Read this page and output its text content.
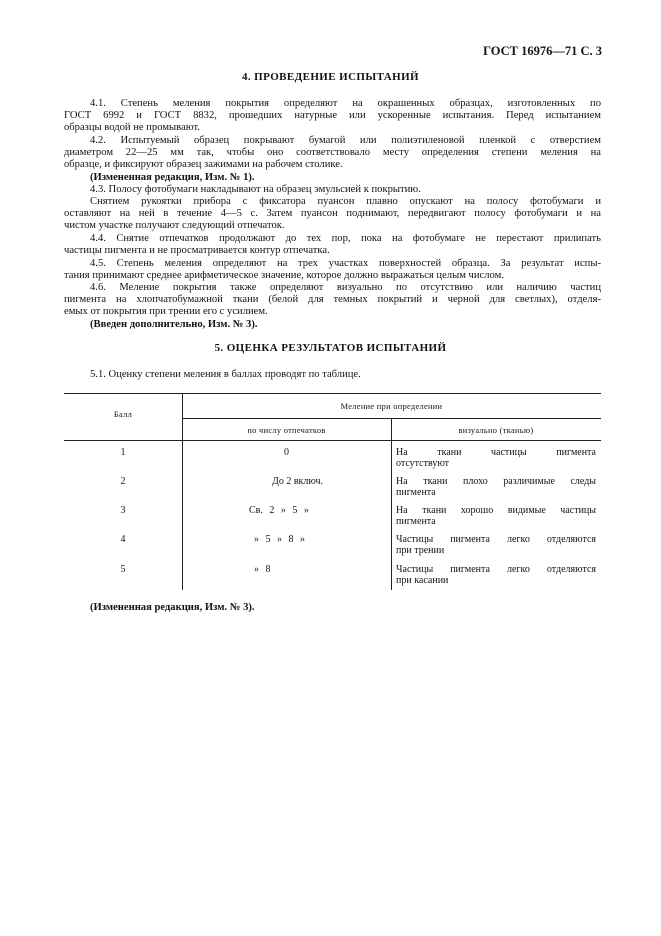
ГОСТ 16976—71 С. 3
4. ПРОВЕДЕНИЕ ИСПЫТАНИЙ
4.1. Степень меления покрытия определяют на окрашенных образцах, изготовленных по
ГОСТ 6992 и ГОСТ 8832, прошедших натурные или ускоренные испытания. Перед испытанием
образцы водой не промывают.
4.2. Испытуемый образец покрывают бумагой или полиэтиленовой пленкой с отверстием
диаметром 22—25 мм так, чтобы оно соответствовало месту определения степени меления на
образце, и фиксируют образец зажимами на рабочем столике.
(Измененная редакция, Изм. № 1).
4.3. Полосу фотобумаги накладывают на образец эмульсией к покрытию.
Снятием рукоятки прибора с фиксатора пуансон плавно опускают на полосу фотобумаги и
оставляют на ней в течение 4—5 с. Затем пуансон поднимают, передвигают полосу фотобумаги и на
чистом участке получают следующий отпечаток.
4.4. Снятие отпечатков продолжают до тех пор, пока на фотобумаге не перестают прилипать
частицы пигмента и не просматривается контур отпечатка.
4.5. Степень меления определяют на трех участках поверхностей образца. За результат испы-
тания принимают среднее арифметическое значение, которое должно выражаться целым числом.
4.6. Меление покрытия также определяют визуально по отсутствию или наличию частиц
пигмента на хлопчатобумажной ткани (белой для темных покрытий и черной для светлых), отделя-
емых от покрытия при трении его с усилием.
(Введен дополнительно, Изм. № 3).
5. ОЦЕНКА РЕЗУЛЬТАТОВ ИСПЫТАНИЙ
5.1. Оценку степени меления в баллах проводят по таблице.
Балл
Меление при определении
по числу отпечатков	визуально (тканью)
1	0	На ткани частицы пигмента
отсутствуют
2	До 2 включ.	На ткани плохо различимые следы
пигмента
3	Св. 2 » 5 »	На ткани хорошо видимые частицы
пигмента
4	» 5 » 8 »	Частицы пигмента легко отделяются
при трении
5	» 8	Частицы пигмента легко отделяются
при касании
(Измененная редакция, Изм. № 3).
